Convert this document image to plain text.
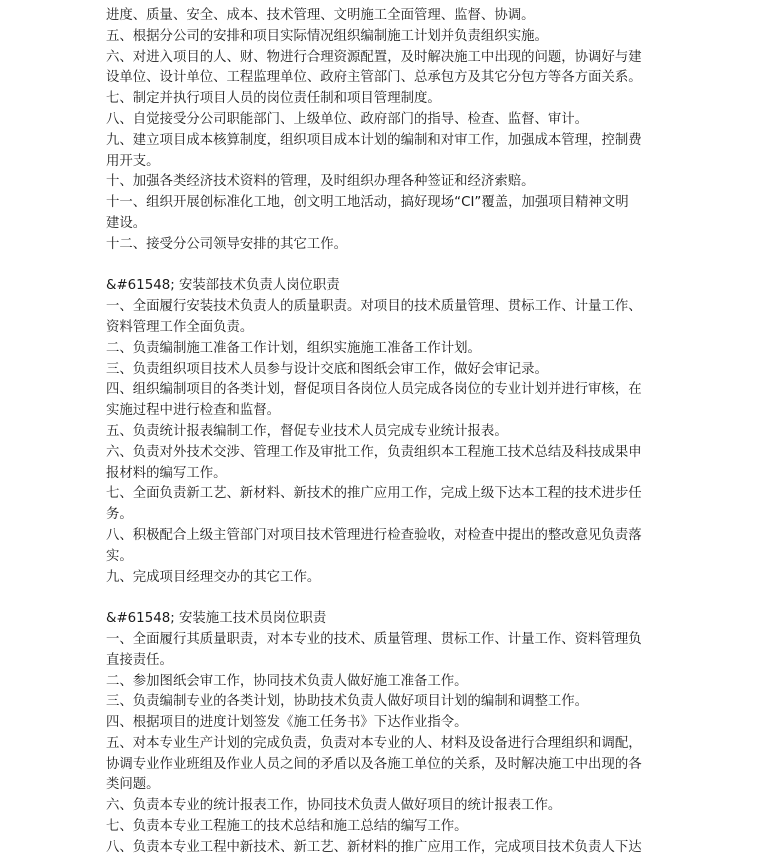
进度、质量、安全、成本、技术管理、文明施工全面管理、监督、协调。
五、根据分公司的安排和项目实际情况组织编制施工计划并负责组织实施。
六、对进入项目的人、财、物进行合理资源配置，及时解决施工中出现的问题，协调好与建
设单位、设计单位、工程监理单位、政府主管部门、总承包方及其它分包方等各方面关系。
七、制定并执行项目人员的岗位责任制和项目管理制度。
八、自觉接受分公司职能部门、上级单位、政府部门的指导、检查、监督、审计。
九、建立项目成本核算制度，组织项目成本计划的编制和对审工作，加强成本管理，控制费
用开支。
十、加强各类经济技术资料的管理，及时组织办理各种签证和经济索赔。
十一、组织开展创标准化工地，创文明工地活动，搞好现场“CI”覆盖，加强项目精神文明
建设。
十二、接受分公司领导安排的其它工作。
&#61548; 安装部技术负责人岗位职责
一、全面履行安装技术负责人的质量职责。对项目的技术质量管理、贯标工作、计量工作、
资料管理工作全面负责。
二、负责编制施工准备工作计划，组织实施施工准备工作计划。
三、负责组织项目技术人员参与设计交底和图纸会审工作，做好会审记录。
四、组织编制项目的各类计划，督促项目各岗位人员完成各岗位的专业计划并进行审核，在
实施过程中进行检查和监督。
五、负责统计报表编制工作，督促专业技术人员完成专业统计报表。
六、负责对外技术交涉、管理工作及审批工作，负责组织本工程施工技术总结及科技成果申
报材料的编写工作。
七、全面负责新工艺、新材料、新技术的推广应用工作，完成上级下达本工程的技术进步任
务。
八、积极配合上级主管部门对项目技术管理进行检查验收，对检查中提出的整改意见负责落
实。
九、完成项目经理交办的其它工作。
&#61548; 安装施工技术员岗位职责
一、全面履行其质量职责，对本专业的技术、质量管理、贯标工作、计量工作、资料管理负
直接责任。
二、参加图纸会审工作，协同技术负责人做好施工准备工作。
三、负责编制专业的各类计划，协助技术负责人做好项目计划的编制和调整工作。
四、根据项目的进度计划签发《施工任务书》下达作业指令。
五、对本专业生产计划的完成负责，负责对本专业的人、材料及设备进行合理组织和调配，
协调专业作业班组及作业人员之间的矛盾以及各施工单位的关系，及时解决施工中出现的各
类问题。
六、负责本专业的统计报表工作，协同技术负责人做好项目的统计报表工作。
七、负责本专业工程施工的技术总结和施工总结的编写工作。
八、负责本专业工程中新技术、新工艺、新材料的推广应用工作，完成项目技术负责人下达
